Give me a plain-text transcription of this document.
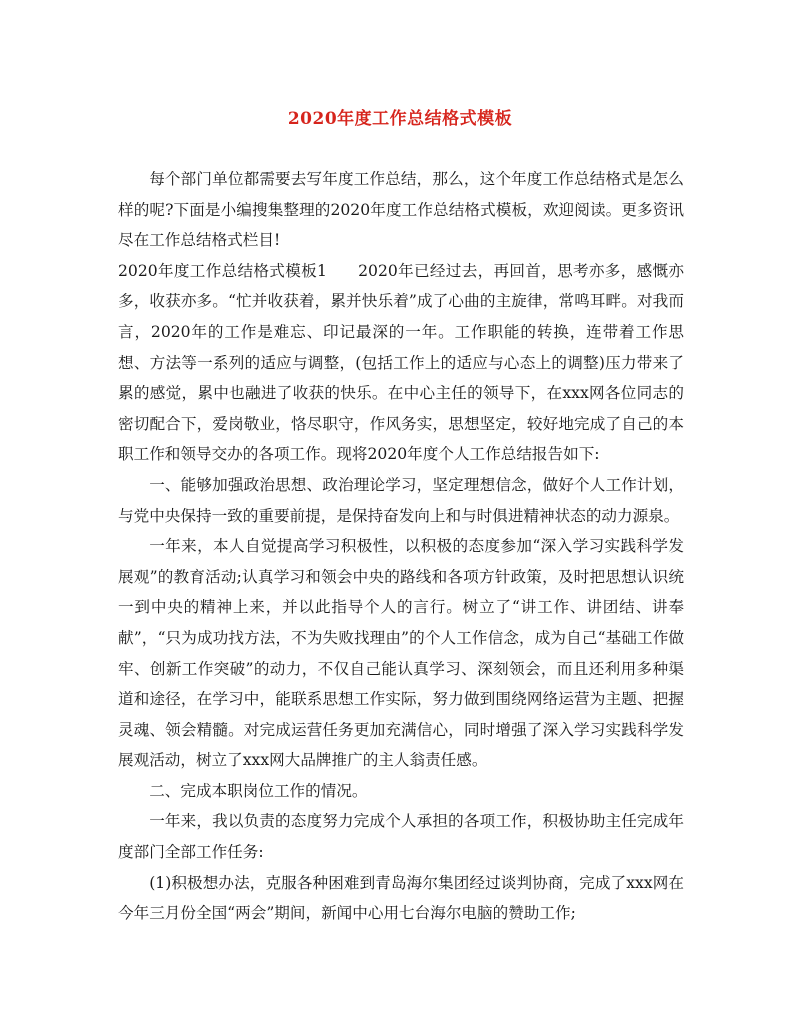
2020年度工作总结格式模板

每个部门单位都需要去写年度工作总结，那么，这个年度工作总结格式是怎么样的呢?下面是小编搜集整理的2020年度工作总结格式模板，欢迎阅读。更多资讯尽在工作总结格式栏目!

2020年度工作总结格式模板1 2020年已经过去，再回首，思考亦多，感慨亦多，收获亦多。“忙并收获着，累并快乐着”成了心曲的主旋律，常鸣耳畔。对我而言，2020年的工作是难忘、印记最深的一年。工作职能的转换，连带着工作思想、方法等一系列的适应与调整，(包括工作上的适应与心态上的调整)压力带来了累的感觉，累中也融进了收获的快乐。在中心主任的领导下，在xxx网各位同志的密切配合下，爱岗敬业，恪尽职守，作风务实，思想坚定，较好地完成了自己的本职工作和领导交办的各项工作。现将2020年度个人工作总结报告如下:

一、能够加强政治思想、政治理论学习，坚定理想信念，做好个人工作计划，与党中央保持一致的重要前提，是保持奋发向上和与时俱进精神状态的动力源泉。

一年来，本人自觉提高学习积极性，以积极的态度参加“深入学习实践科学发展观”的教育活动;认真学习和领会中央的路线和各项方针政策，及时把思想认识统一到中央的精神上来，并以此指导个人的言行。树立了“讲工作、讲团结、讲奉献”，“只为成功找方法，不为失败找理由”的个人工作信念，成为自己“基础工作做牢、创新工作突破”的动力，不仅自己能认真学习、深刻领会，而且还利用多种渠道和途径，在学习中，能联系思想工作实际，努力做到围绕网络运营为主题、把握灵魂、领会精髓。对完成运营任务更加充满信心，同时增强了深入学习实践科学发展观活动，树立了xxx网大品牌推广的主人翁责任感。

二、完成本职岗位工作的情况。

一年来，我以负责的态度努力完成个人承担的各项工作，积极协助主任完成年度部门全部工作任务:

(1)积极想办法，克服各种困难到青岛海尔集团经过谈判协商，完成了xxx网在今年三月份全国“两会”期间，新闻中心用七台海尔电脑的赞助工作;
